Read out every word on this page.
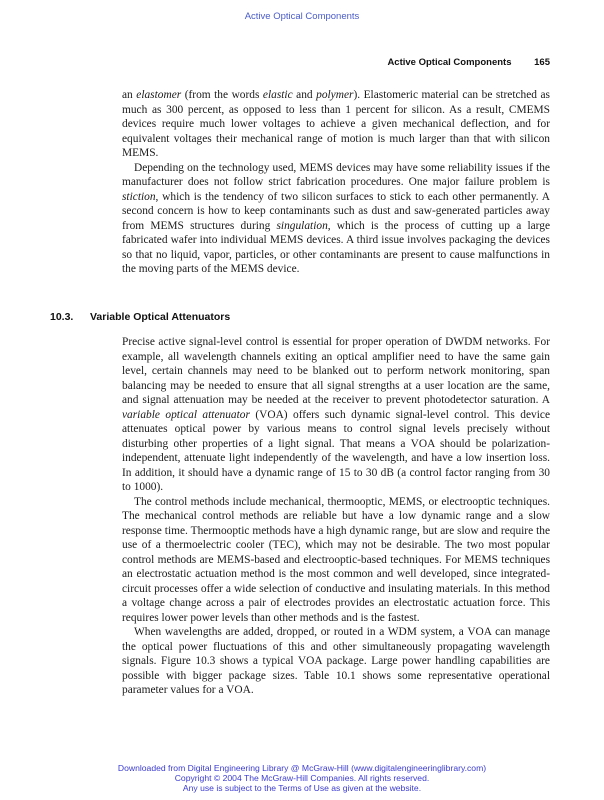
Active Optical Components
Active Optical Components 165

an elastomer (from the words elastic and polymer). Elastomeric material can be stretched as much as 300 percent, as opposed to less than 1 percent for silicon. As a result, CMEMS devices require much lower voltages to achieve a given mechanical deflection, and for equivalent voltages their mechanical range of motion is much larger than that with silicon MEMS.

Depending on the technology used, MEMS devices may have some reliability issues if the manufacturer does not follow strict fabrication procedures. One major failure problem is stiction, which is the tendency of two silicon surfaces to stick to each other permanently. A second concern is how to keep contaminants such as dust and saw-generated particles away from MEMS structures during singulation, which is the process of cutting up a large fabricated wafer into individual MEMS devices. A third issue involves packaging the devices so that no liquid, vapor, particles, or other contaminants are present to cause malfunctions in the moving parts of the MEMS device.

10.3. Variable Optical Attenuators

Precise active signal-level control is essential for proper operation of DWDM networks. For example, all wavelength channels exiting an optical amplifier need to have the same gain level, certain channels may need to be blanked out to perform network monitoring, span balancing may be needed to ensure that all signal strengths at a user location are the same, and signal attenuation may be needed at the receiver to prevent photodetector saturation. A variable optical attenuator (VOA) offers such dynamic signal-level control. This device attenuates optical power by various means to control signal levels precisely without disturbing other properties of a light signal. That means a VOA should be polarization-independent, attenuate light independently of the wavelength, and have a low insertion loss. In addition, it should have a dynamic range of 15 to 30 dB (a control factor ranging from 30 to 1000).

The control methods include mechanical, thermooptic, MEMS, or electrooptic techniques. The mechanical control methods are reliable but have a low dynamic range and a slow response time. Thermooptic methods have a high dynamic range, but are slow and require the use of a thermoelectric cooler (TEC), which may not be desirable. The two most popular control methods are MEMS-based and electrooptic-based techniques. For MEMS techniques an electrostatic actuation method is the most common and well developed, since integrated-circuit processes offer a wide selection of conductive and insulating materials. In this method a voltage change across a pair of electrodes provides an electrostatic actuation force. This requires lower power levels than other methods and is the fastest.

When wavelengths are added, dropped, or routed in a WDM system, a VOA can manage the optical power fluctuations of this and other simultaneously propagating wavelength signals. Figure 10.3 shows a typical VOA package. Large power handling capabilities are possible with bigger package sizes. Table 10.1 shows some representative operational parameter values for a VOA.

Downloaded from Digital Engineering Library @ McGraw-Hill (www.digitalengineeringlibrary.com)
Copyright © 2004 The McGraw-Hill Companies. All rights reserved.
Any use is subject to the Terms of Use as given at the website.
